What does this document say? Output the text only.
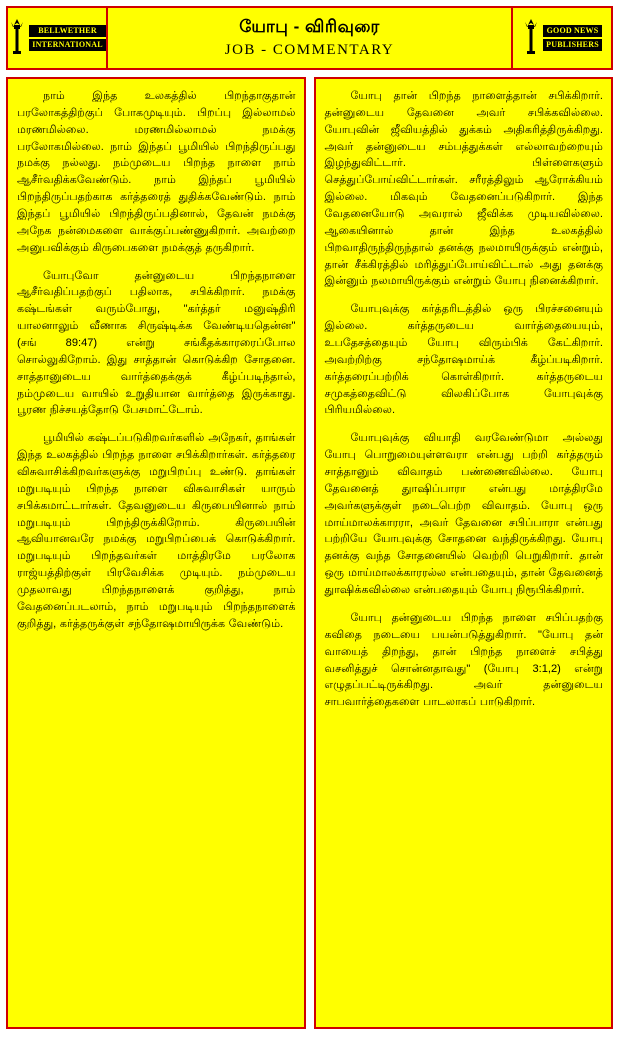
BELLWETHER
INTERNATIONAL
யோபு - விரிவுரை
JOB - COMMENTARY
GOOD NEWS
PUBLISHERS

நாம் இந்த உலகத்தில் பிறந்தாகுதான் பரலோகத்திற்குப் போகமுடியும். பிறப்பு இல்லாமல் மரணமில்லை. மரணமில்லாமல் நமக்கு பரலோகமில்லை. நாம் இந்தப் பூமியில் பிறந்திருப்பது நமக்கு நல்லது. நம்முடைய பிறந்த நாளை நாம் ஆசீர்வதிக்கவேண்டும். நாம் இந்தப் பூமியில் பிறந்திருப்பதற்காக கர்த்தரைத் துதிக்கவேண்டும். நாம் இந்தப் பூமியில் பிறந்திருப்பதினால், தேவன் நமக்கு அநேக நன்மைகளை வாக்குப்பண்ணுகிறார். அவற்றை அனுபவிக்கும் கிருபைகளை நமக்குத் தருகிறார்.

யோபுவோ தன்னுடைய பிறந்தநாளை ஆசீர்வதிப்பதற்குப் பதிலாக, சபிக்கிறார். நமக்கு கஷ்டங்கள் வரும்போது, "கர்த்தர் மனுஷ்திரி யாலனாலும் வீணாக சிருஷ்டிக்க வேண்டியதென்ன" (சங் 89:47) என்று சங்கீதக்காரரைப்போல சொல்லுகிறோம். இது சாத்தான் கொடுக்கிற சோதனை. சாத்தானுடைய வார்த்தைக்குக் கீழ்ப்படிந்தால், நம்முடைய வாயில் உறுதியான வார்த்தை இருக்காது. பூரண நிச்சயத்தோடு பேசமாட்டோம்.

பூமியில் கஷ்டப்படுகிறவர்களில் அநேகர், தாங்கள் இந்த உலகத்தில் பிறந்த நாளை சபிக்கிறார்கள். கர்த்தரை விசுவாசிக்கிறவர்களுக்கு மறுபிறப்பு உண்டு. தாங்கள் மறுபடியும் பிறந்த நாளை விசுவாசிகள் யாரும் சபிக்கமாட்டார்கள். தேவனுடைய கிருபையினால் நாம் மறுபடியும் பிறந்திருக்கிறோம். கிருபையின் ஆவியானவரே நமக்கு மறுபிறப்பைக் கொடுக்கிறார். மறுபடியும் பிறந்தவர்கள் மாத்திரமே பரலோக ராஜ்யத்திற்குள் பிரவேசிக்க முடியும். நம்முடைய முதலாவது பிறந்தநாளைக் குறித்து, நாம் வேதனைப்படலாம், நாம் மறுபடியும் பிறந்தநாளைக் குறித்து, கர்த்தருக்குள் சந்தோஷமாயிருக்க வேண்டும்.

யோபு தான் பிறந்த நாளைத்தான் சபிக்கிறார். தன்னுடைய தேவனை அவர் சபிக்கவில்லை. யோபுவின் ஜீவியத்தில் துக்கம் அதிகரித்திருக்கிறது. அவர் தன்னுடைய சம்பத்துக்கள் எல்லாவற்றையும் இழந்துவிட்டார். பிள்ளைகளும் செத்துப்போய்விட்டார்கள். சரீரத்திலும் ஆரோக்கியம் இல்லை. மிகவும் வேதனைப்படுகிறார். இந்த வேதனையோடு அவரால் ஜீவிக்க முடியவில்லை. ஆகையினால் தான் இந்த உலகத்தில் பிறவாதிருந்திருந்தால் தனக்கு நலமாயிருக்கும் என்றும், தான் சீக்கிரத்தில் மரித்துப்போய்விட்டால் அது தனக்கு இன்னும் நலமாயிருக்கும் என்றும் யோபு நினைக்கிறார்.

யோபுவுக்கு கர்த்தரிடத்தில் ஒரு பிரச்சனையும் இல்லை. கர்த்தருடைய வார்த்தையையும், உபதேசத்தையும் யோபு விரும்பிக் கேட்கிறார். அவற்றிற்கு சந்தோஷமாய்க் கீழ்ப்படிகிறார். கர்த்தரைப்பற்றிக் கொள்கிறார். கர்த்தருடைய சமுகத்தைவிட்டு விலகிப்போக யோபுவுக்கு பிரியமில்லை.

யோபுவுக்கு வியாதி வரவேண்டுமா அல்லது யோபு பொறுமையுள்ளவரா என்பது பற்றி கர்த்தரும் சாத்தானும் விவாதம் பண்ணைவில்லை. யோபு தேவனைத் துாஷிப்பாரா என்பது மாத்திரமே அவர்களுக்குள் நடைபெற்ற விவாதம். யோபு ஒரு மாய்மாலக்காரரா, அவர் தேவனை சபிப்பாரா என்பது பற்றியே யோபுவுக்கு சோதனை வந்திருக்கிறது. யோபு தனக்கு வந்த சோதனையில் வெற்றி பெறுகிறார். தான் ஒரு மாய்மாலக்காரரல்ல என்பதையும், தான் தேவனைத் துாஷிக்கவில்லை என்பதையும் யோபு நிரூபிக்கிறார்.

யோபு தன்னுடைய பிறந்த நாளை சபிப்பதற்கு கவிதை நடையை பயன்படுத்துகிறார். "யோபு தன் வாயைத் திறந்து, தான் பிறந்த நாளைச் சபித்து வசனித்துச் சொன்னதாவது" (யோபு 3:1,2) என்று எழுதப்பட்டிருக்கிறது. அவர் தன்னுடைய சாபவார்த்தைகளை பாடலாகப் பாடுகிறார்.
